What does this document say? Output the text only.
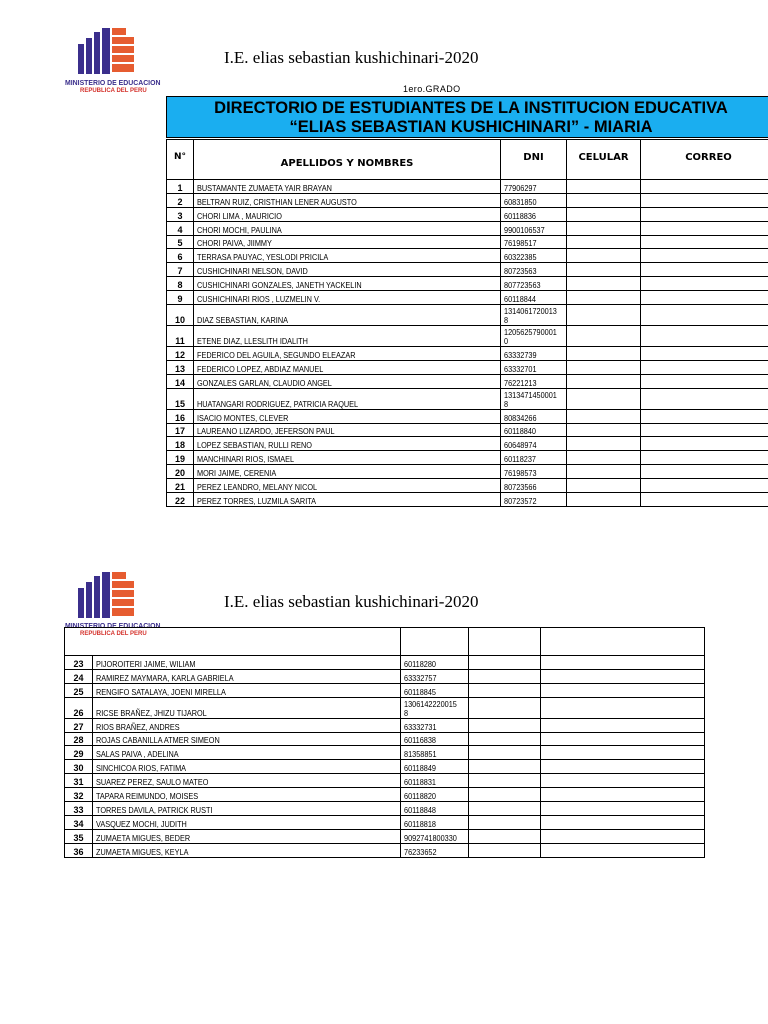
MINISTERIO DE EDUCACION
REPUBLICA DEL PERU
I.E. elias sebastian kushichinari-2020
1ero.GRADO
DIRECTORIO DE ESTUDIANTES DE LA INSTITUCION EDUCATIVA
“ELIAS SEBASTIAN KUSHICHINARI” - MIARIA
N°	APELLIDOS Y NOMBRES	DNI	CELULAR	CORREO
1	BUSTAMANTE ZUMAETA YAIR BRAYAN	77906297		
2	BELTRAN RUIZ, CRISTHIAN LENER AUGUSTO	60831850		
3	CHORI LIMA , MAURICIO	60118836		
4	CHORI MOCHI, PAULINA	9900106537		
5	CHORI PAIVA, JIIMMY	76198517		
6	TERRASA PAUYAC, YESLODI PRICILA	60322385		
7	CUSHICHINARI NELSON, DAVID	80723563		
8	CUSHICHINARI GONZALES, JANETH YACKELIN	807723563		
9	CUSHICHINARI RIOS , LUZMELIN V.	60118844		
10	DIAZ SEBASTIAN, KARINA	1314061720013
8		
11	ETENE DIAZ, LLESLITH IDALITH	1205625790001
0		
12	FEDERICO DEL AGUILA, SEGUNDO ELEAZAR	63332739		
13	FEDERICO LOPEZ, ABDIAZ MANUEL	63332701		
14	GONZALES GARLAN, CLAUDIO ANGEL	76221213		
15	HUATANGARI RODRIGUEZ, PATRICIA RAQUEL	1313471450001
8		
16	ISACIO MONTES, CLEVER	80834266		
17	LAUREANO LIZARDO, JEFERSON PAUL	60118840		
18	LOPEZ SEBASTIAN, RULLI RENO	60648974		
19	MANCHINARI RIOS, ISMAEL	60118237		
20	MORI JAIME, CERENIA	76198573		
21	PEREZ LEANDRO, MELANY NICOL	80723566		
22	PEREZ TORRES, LUZMILA SARITA	80723572		
MINISTERIO DE EDUCACION
REPUBLICA DEL PERU
I.E. elias sebastian kushichinari-2020

23	PIJOROITERI JAIME, WILIAM	60118280		
24	RAMIREZ MAYMARA, KARLA GABRIELA	63332757		
25	RENGIFO SATALAYA, JOENI MIRELLA	60118845		
26	RICSE BRAÑEZ, JHIZU TIJAROL	1306142220015
8		
27	RIOS BRAÑEZ, ANDRES	63332731		
28	ROJAS CABANILLA ATMER SIMEON	60116838		
29	SALAS PAIVA , ADELINA	81358851		
30	SINCHICOA RIOS, FATIMA	60118849		
31	SUAREZ PEREZ, SAULO MATEO	60118831		
32	TAPARA REIMUNDO, MOISES	60118820		
33	TORRES DAVILA, PATRICK RUSTI	60118848		
34	VASQUEZ MOCHI, JUDITH	60118818		
35	ZUMAETA MIGUES, BEDER	9092741800330		
36	ZUMAETA MIGUES, KEYLA	76233652		
